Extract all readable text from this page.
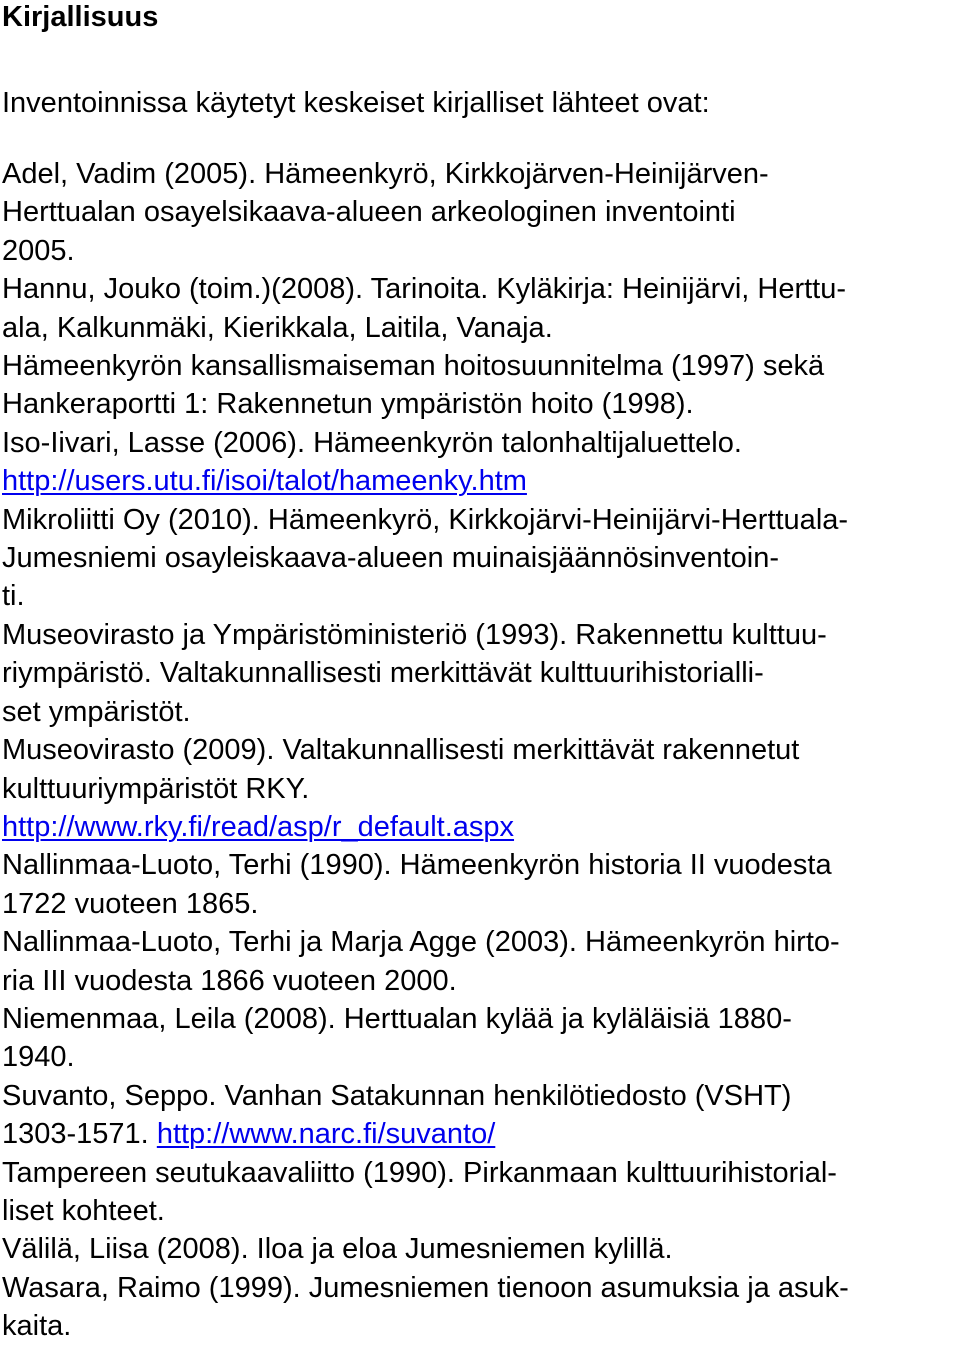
Kirjallisuus

Inventoinnissa käytetyt keskeiset kirjalliset lähteet ovat:

Adel, Vadim (2005). Hämeenkyrö, Kirkkojärven-Heinijärven-
Herttualan osayelsikaava-alueen arkeologinen inventointi
2005.
Hannu, Jouko (toim.)(2008). Tarinoita. Kyläkirja: Heinijärvi, Herttu-
ala, Kalkunmäki, Kierikkala, Laitila, Vanaja.
Hämeenkyrön kansallismaiseman hoitosuunnitelma (1997) sekä
Hankeraportti 1: Rakennetun ympäristön hoito (1998).
Iso-Iivari, Lasse (2006). Hämeenkyrön talonhaltijaluettelo.
http://users.utu.fi/isoi/talot/hameenky.htm
Mikroliitti Oy (2010). Hämeenkyrö, Kirkkojärvi-Heinijärvi-Herttuala-
Jumesniemi osayleiskaava-alueen muinaisjäännösinventoin-
ti.
Museovirasto ja Ympäristöministeriö (1993). Rakennettu kulttuu-
riympäristö. Valtakunnallisesti merkittävät kulttuurihistorialli-
set ympäristöt.
Museovirasto (2009). Valtakunnallisesti merkittävät rakennetut
kulttuuriympäristöt RKY.
http://www.rky.fi/read/asp/r_default.aspx
Nallinmaa-Luoto, Terhi (1990). Hämeenkyrön historia II vuodesta
1722 vuoteen 1865.
Nallinmaa-Luoto, Terhi ja Marja Agge (2003). Hämeenkyrön hirto-
ria III vuodesta 1866 vuoteen 2000.
Niemenmaa, Leila (2008). Herttualan kylää ja kyläläisiä 1880-
1940.
Suvanto, Seppo. Vanhan Satakunnan henkilötiedosto (VSHT)
1303-1571. http://www.narc.fi/suvanto/
Tampereen seutukaavaliitto (1990). Pirkanmaan kulttuurihistorial-
liset kohteet.
Välilä, Liisa (2008). Iloa ja eloa Jumesniemen kylillä.
Wasara, Raimo (1999). Jumesniemen tienoon asumuksia ja asuk-
kaita.
